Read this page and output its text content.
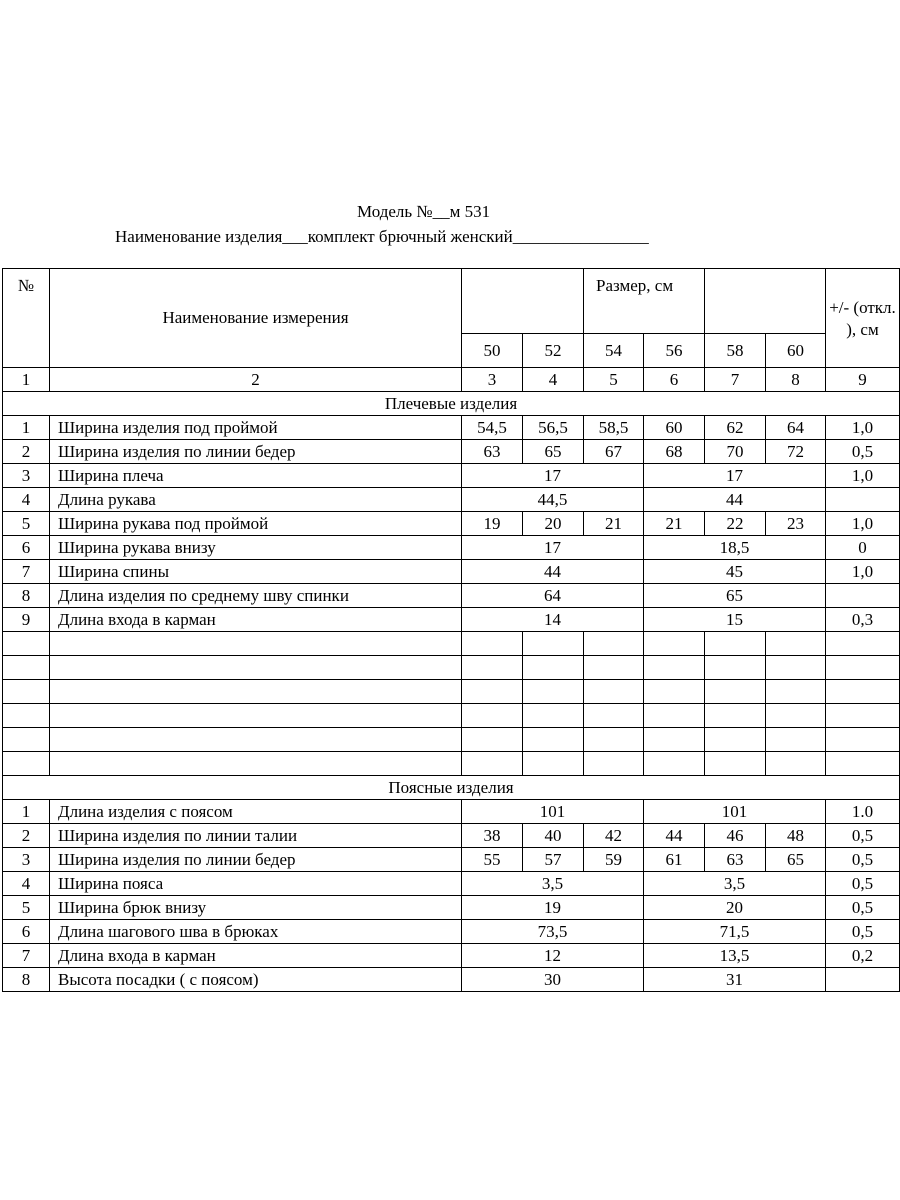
Модель №__м 531
Наименование изделия___комплект брючный женский________________
№	Наименование измерения			Размер, см				+/- (откл. ), см
		50	52	54	56	58	60	
1	2	3	4	5	6	7	8	9
Плечевые изделия								
1	Ширина изделия под проймой	54,5	56,5	58,5	60	62	64	1,0
2	Ширина изделия по линии бедер	63	65	67	68	70	72	0,5
3	Ширина плеча	17			17			1,0
4	Длина рукава	44,5			44			
5	Ширина рукава под проймой	19	20	21	21	22	23	1,0
6	Ширина рукава внизу	17			18,5			0
7	Ширина спины	44			45			1,0
8	Длина изделия по среднему шву спинки	64			65			
9	Длина входа в карман	14			15			0,3

Поясные изделия								
1	Длина изделия с поясом	101			101			1.0
2	Ширина изделия по линии талии	38	40	42	44	46	48	0,5
3	Ширина изделия по линии бедер	55	57	59	61	63	65	0,5
4	Ширина пояса	3,5			3,5			0,5
5	Ширина брюк внизу	19			20			0,5
6	Длина шагового шва в брюках	73,5			71,5			0,5
7	Длина входа в карман	12			13,5			0,2
8	Высота посадки ( с поясом)	30			31			
